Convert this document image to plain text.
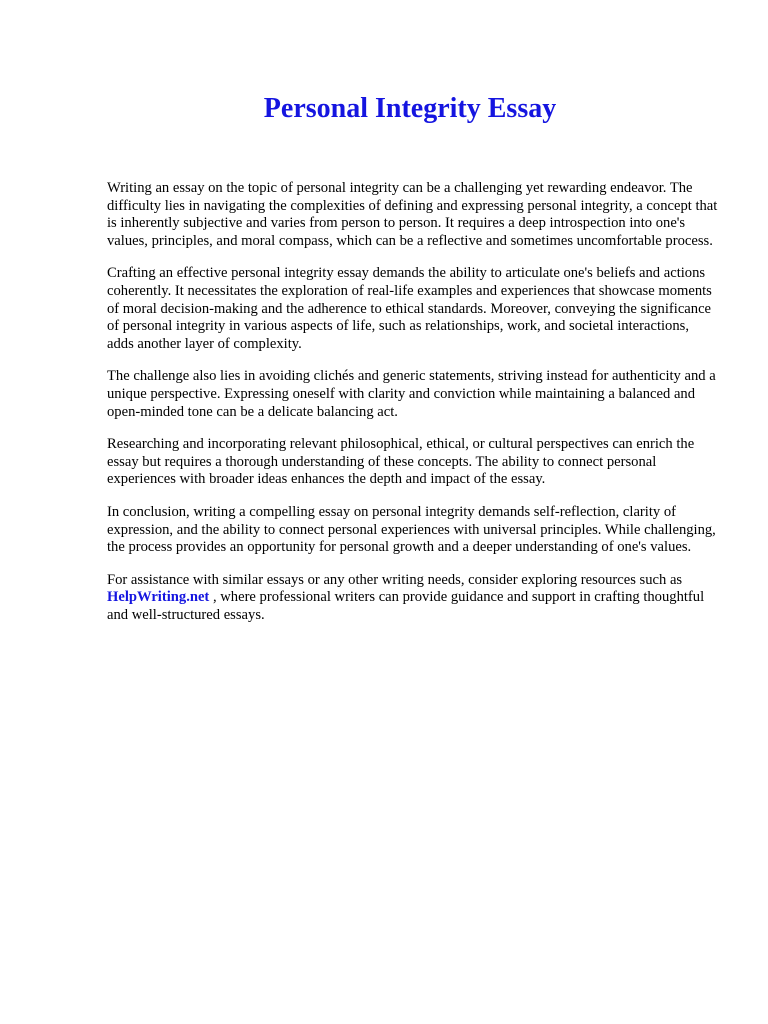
Personal Integrity Essay

Writing an essay on the topic of personal integrity can be a challenging yet rewarding endeavor. The difficulty lies in navigating the complexities of defining and expressing personal integrity, a concept that is inherently subjective and varies from person to person. It requires a deep introspection into one's values, principles, and moral compass, which can be a reflective and sometimes uncomfortable process.

Crafting an effective personal integrity essay demands the ability to articulate one's beliefs and actions coherently. It necessitates the exploration of real-life examples and experiences that showcase moments of moral decision-making and the adherence to ethical standards. Moreover, conveying the significance of personal integrity in various aspects of life, such as relationships, work, and societal interactions, adds another layer of complexity.

The challenge also lies in avoiding clichés and generic statements, striving instead for authenticity and a unique perspective. Expressing oneself with clarity and conviction while maintaining a balanced and open-minded tone can be a delicate balancing act.

Researching and incorporating relevant philosophical, ethical, or cultural perspectives can enrich the essay but requires a thorough understanding of these concepts. The ability to connect personal experiences with broader ideas enhances the depth and impact of the essay.

In conclusion, writing a compelling essay on personal integrity demands self-reflection, clarity of expression, and the ability to connect personal experiences with universal principles. While challenging, the process provides an opportunity for personal growth and a deeper understanding of one's values.

For assistance with similar essays or any other writing needs, consider exploring resources such as
HelpWriting.net , where professional writers can provide guidance and support in crafting thoughtful and well-structured essays.
